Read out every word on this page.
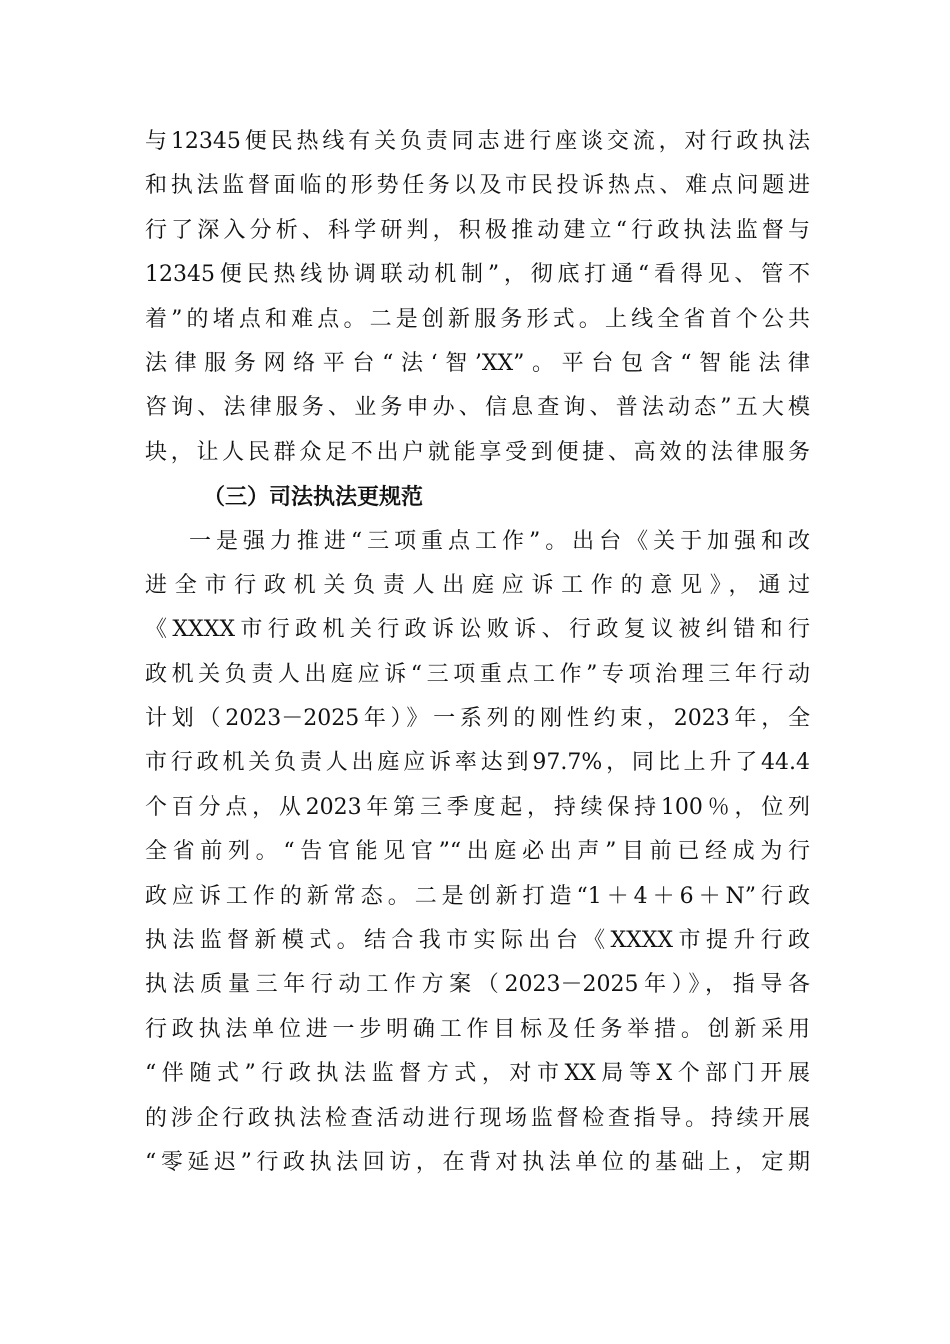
与12345便民热线有关负责同志进行座谈交流，对行政执法
和执法监督面临的形势任务以及市民投诉热点、难点问题进
行了深入分析、科学研判，积极推动建立“行政执法监督与
12345便民热线协调联动机制”，彻底打通“看得见、管不
着”的堵点和难点。二是创新服务形式。上线全省首个公共
法律服务网络平台“法‘智’XX”。平台包含“智能法律
咨询、法律服务、业务申办、信息查询、普法动态”五大模
块，让人民群众足不出户就能享受到便捷、高效的法律服务
（三）司法执法更规范
一是强力推进“三项重点工作”。出台《关于加强和改
进全市行政机关负责人出庭应诉工作的意见》，通过
《XXXX市行政机关行政诉讼败诉、行政复议被纠错和行
政机关负责人出庭应诉“三项重点工作”专项治理三年行动
计划（2023－2025年）》一系列的刚性约束，2023年，全
市行政机关负责人出庭应诉率达到97.7%，同比上升了44.4
个百分点，从2023年第三季度起，持续保持100％，位列
全省前列。“告官能见官”“出庭必出声”目前已经成为行
政应诉工作的新常态。二是创新打造“1＋4＋6＋N”行政
执法监督新模式。结合我市实际出台《XXXX市提升行政
执法质量三年行动工作方案（2023－2025年）》，指导各
行政执法单位进一步明确工作目标及任务举措。创新采用
“伴随式”行政执法监督方式，对市XX局等X个部门开展
的涉企行政执法检查活动进行现场监督检查指导。持续开展
“零延迟”行政执法回访，在背对执法单位的基础上，定期
